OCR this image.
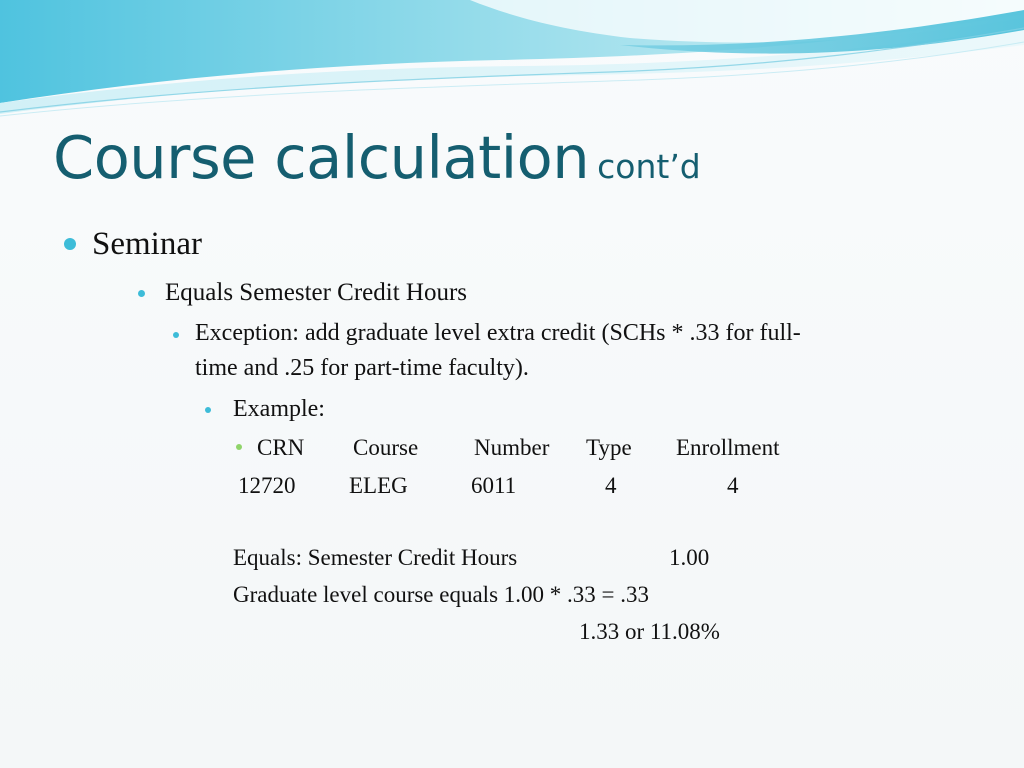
Course calculation cont’d
Seminar
Equals Semester Credit Hours
Exception: add graduate level extra credit (SCHs * .33 for full-
time and .25 for part-time faculty).
Example:
CRN Course Number Type Enrollment
12720 ELEG	6011	4	4
Equals: Semester Credit Hours	1.00
Graduate level course equals 1.00 * .33 = .33
1.33 or 11.08%
